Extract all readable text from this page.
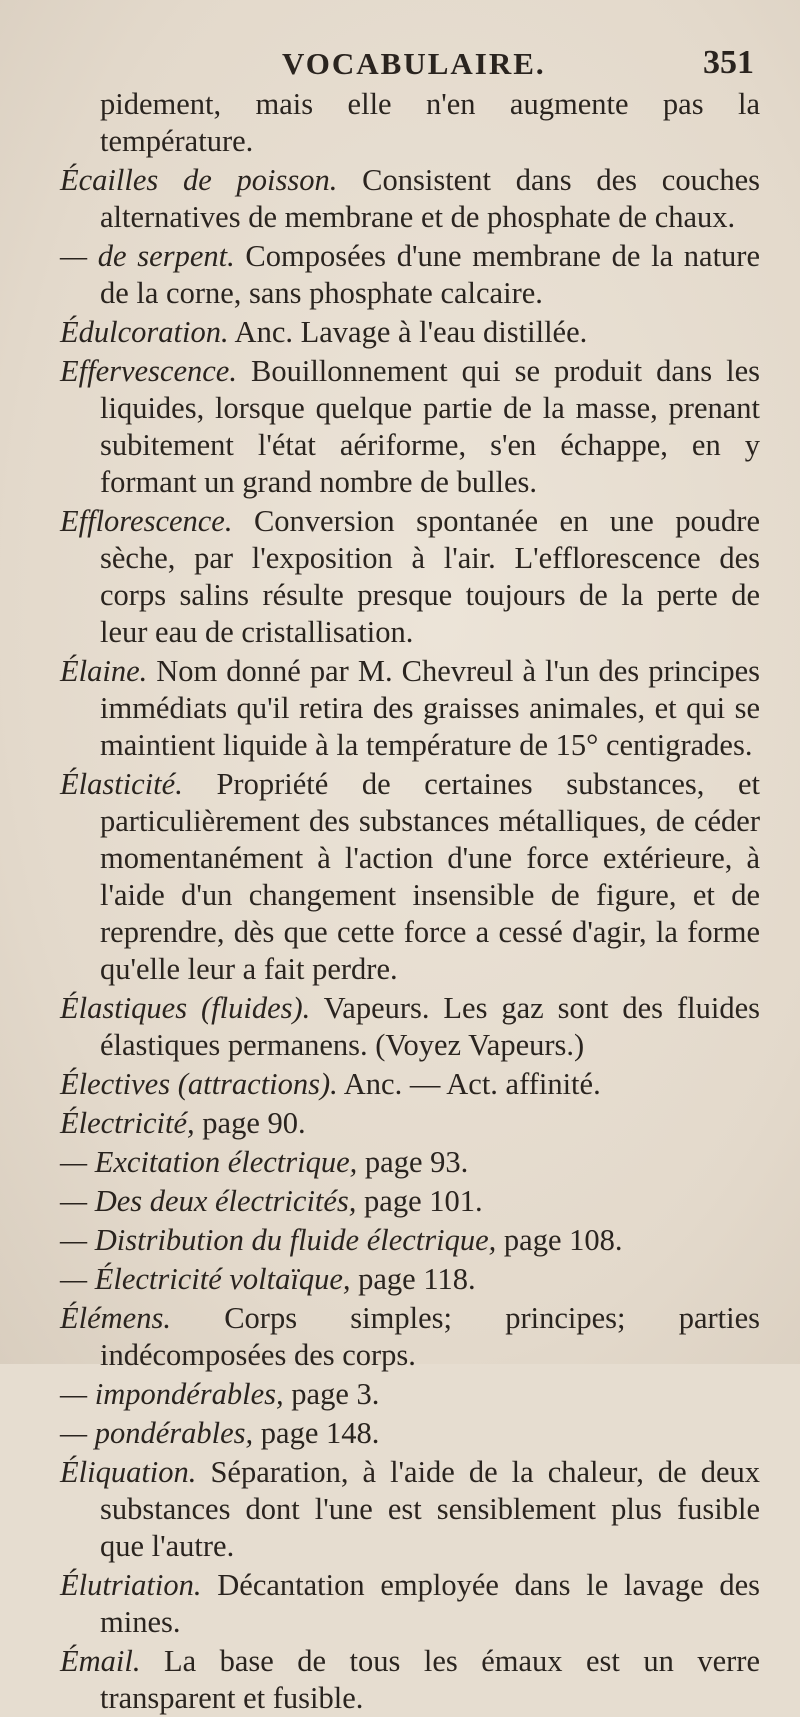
VOCABULAIRE.	351

pidement, mais elle n'en augmente pas la température.

Écailles de poisson. Consistent dans des couches alternatives de membrane et de phosphate de chaux.

— de serpent. Composées d'une membrane de la nature de la corne, sans phosphate calcaire.

Édulcoration. Anc. Lavage à l'eau distillée.

Effervescence. Bouillonnement qui se produit dans les liquides, lorsque quelque partie de la masse, prenant subitement l'état aériforme, s'en échappe, en y formant un grand nombre de bulles.

Efflorescence. Conversion spontanée en une poudre sèche, par l'exposition à l'air. L'efflorescence des corps salins résulte presque toujours de la perte de leur eau de cristallisation.

Élaine. Nom donné par M. Chevreul à l'un des principes immédiats qu'il retira des graisses animales, et qui se maintient liquide à la température de 15° centigrades.

Élasticité. Propriété de certaines substances, et particulièrement des substances métalliques, de céder momentanément à l'action d'une force extérieure, à l'aide d'un changement insensible de figure, et de reprendre, dès que cette force a cessé d'agir, la forme qu'elle leur a fait perdre.

Élastiques (fluides). Vapeurs. Les gaz sont des fluides élastiques permanens. (Voyez Vapeurs.)

Électives (attractions). Anc. — Act. affinité.

Électricité, page 90.

— Excitation électrique, page 93.

— Des deux électricités, page 101.

— Distribution du fluide électrique, page 108.

— Électricité voltaïque, page 118.

Élémens. Corps simples; principes; parties indécomposées des corps.

— impondérables, page 3.

— pondérables, page 148.

Éliquation. Séparation, à l'aide de la chaleur, de deux substances dont l'une est sensiblement plus fusible que l'autre.

Élutriation. Décantation employée dans le lavage des mines.

Émail. La base de tous les émaux est un verre transparent et fusible.
